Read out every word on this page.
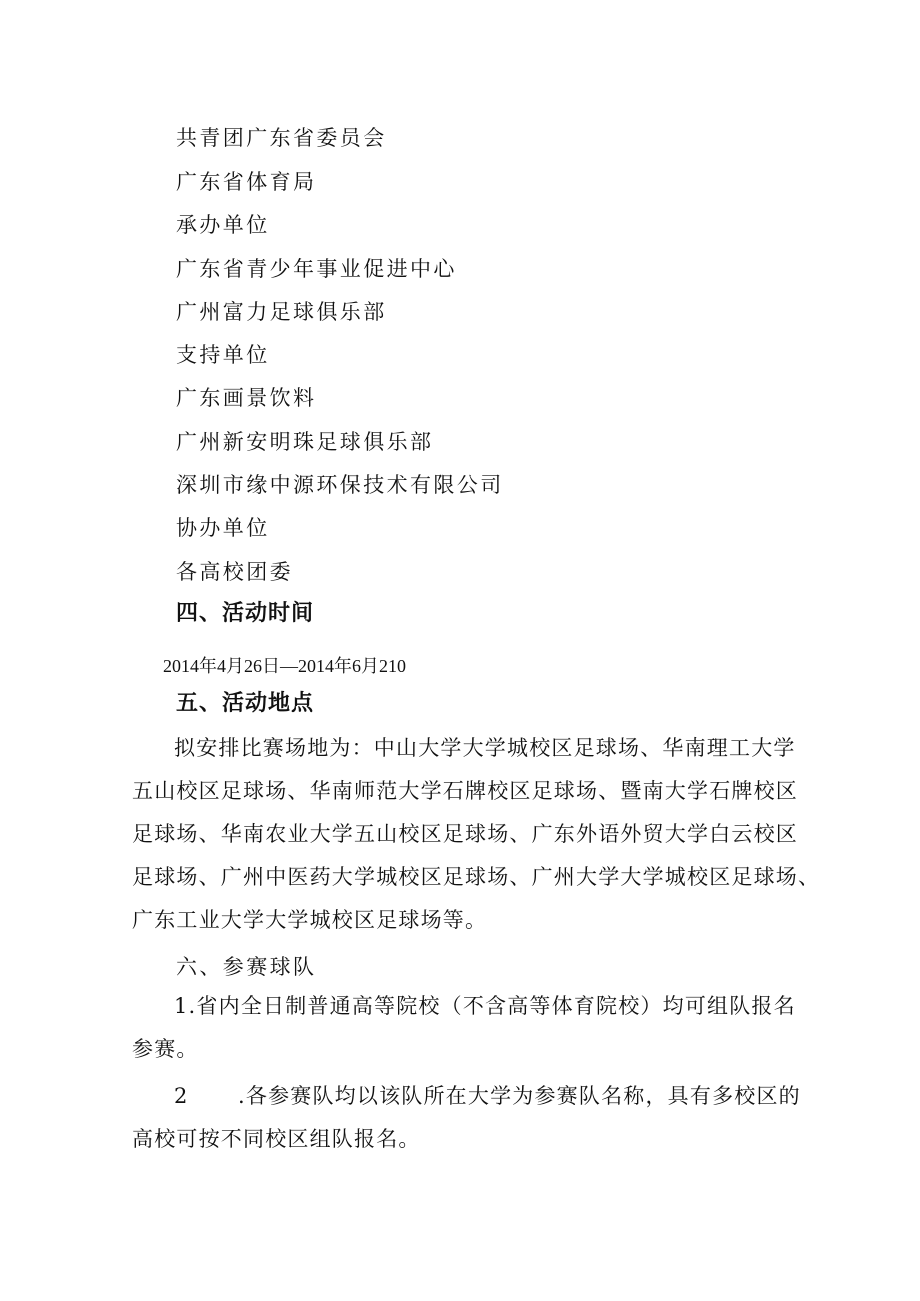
共青团广东省委员会
广东省体育局
承办单位
广东省青少年事业促进中心
广州富力足球俱乐部
支持单位
广东画景饮料
广州新安明珠足球俱乐部
深圳市缘中源环保技术有限公司
协办单位
各高校团委
四、活动时间
2014年4月26日—2014年6月210
五、活动地点
拟安排比赛场地为：中山大学大学城校区足球场、华南理工大学
五山校区足球场、华南师范大学石牌校区足球场、暨南大学石牌校区
足球场、华南农业大学五山校区足球场、广东外语外贸大学白云校区
足球场、广州中医药大学城校区足球场、广州大学大学城校区足球场、
广东工业大学大学城校区足球场等。
六、参赛球队
1.省内全日制普通高等院校（不含高等体育院校）均可组队报名
参赛。
2 .各参赛队均以该队所在大学为参赛队名称，具有多校区的
高校可按不同校区组队报名。
